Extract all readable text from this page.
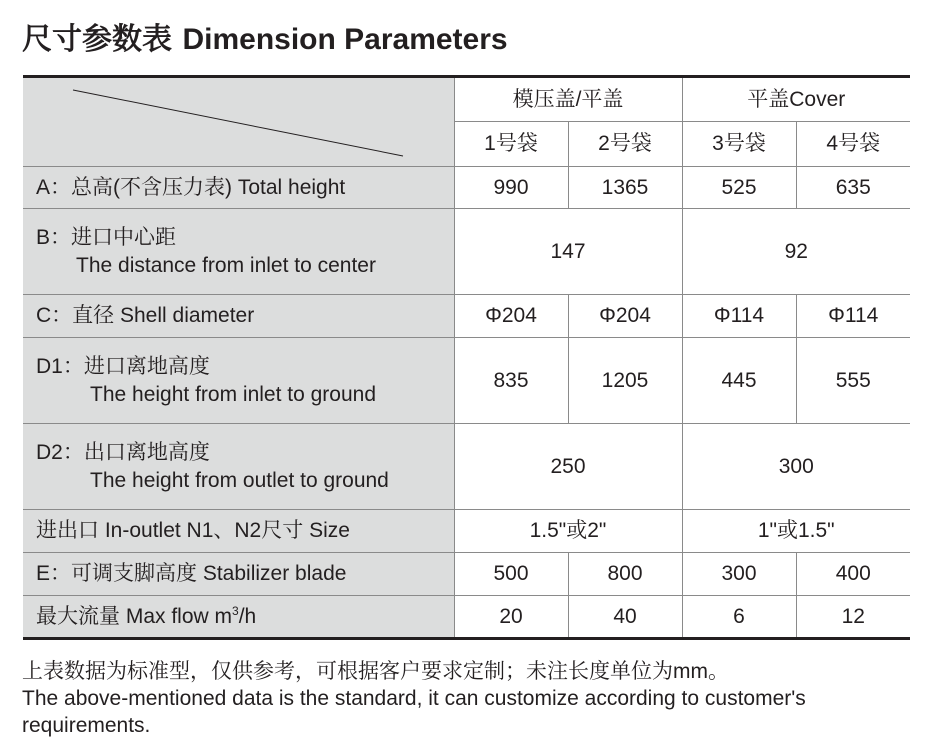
尺寸参数表 Dimension Parameters
	模压盖/平盖		平盖Cover	
	1号袋	2号袋	3号袋	4号袋
A：总高(不含压力表) Total height	990	1365	525	635
B：进口中心距
The distance from inlet to center	147		92	
C：直径 Shell diameter	Φ204	Φ204	Φ114	Φ114
D1：进口离地高度
The height from inlet to ground	835	1205	445	555
D2：出口离地高度
The height from outlet to ground	250		300	
进出口 In-outlet N1、N2尺寸 Size	1.5"或2"		1"或1.5"	
E：可调支脚高度 Stabilizer blade	500	800	300	400
最大流量 Max flow $m^3/h$	20	40	6	12
上表数据为标准型，仅供参考，可根据客户要求定制；未注长度单位为mm。
The above-mentioned data is the standard, it can customize according to customer's requirements.
